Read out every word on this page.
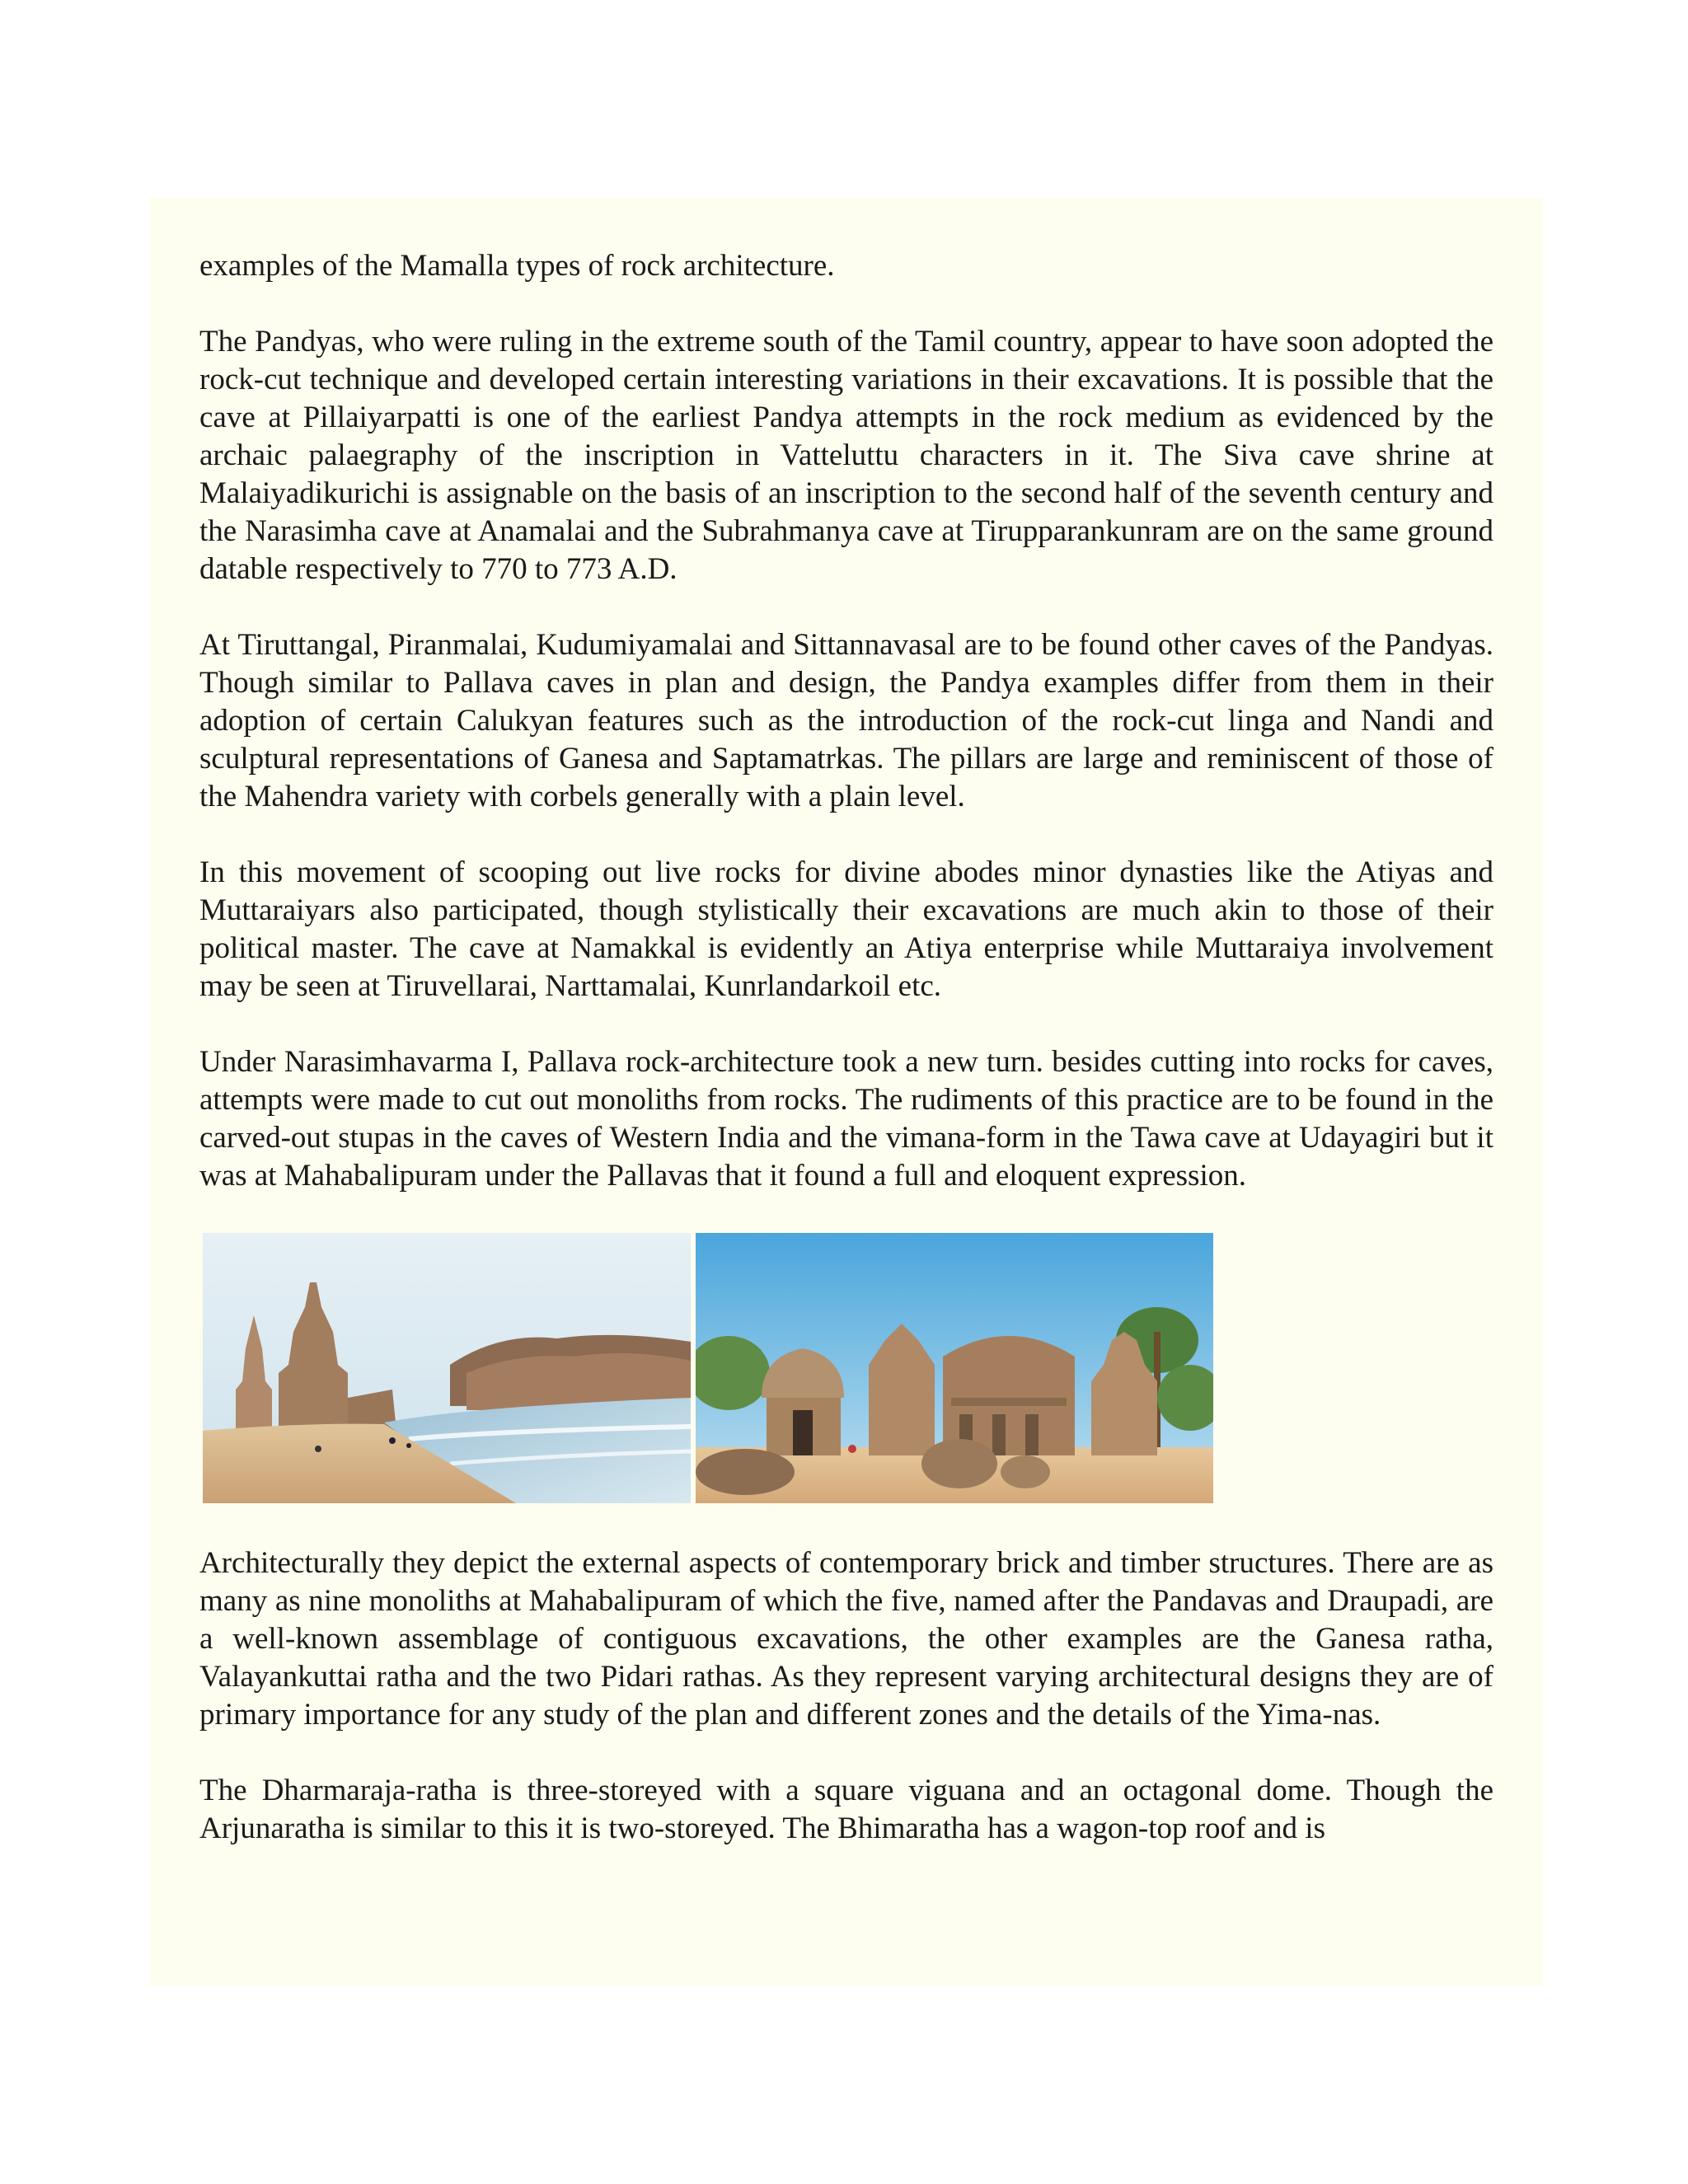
examples of the Mamalla types of rock architecture.

The Pandyas, who were ruling in the extreme south of the Tamil country, appear to have soon adopted the rock-cut technique and developed certain interesting variations in their excavations. It is possible that the cave at Pillaiyarpatti is one of the earliest Pandya attempts in the rock medium as evidenced by the archaic palaegraphy of the inscription in Vatteluttu characters in it. The Siva cave shrine at Malaiyadikurichi is assignable on the basis of an inscription to the second half of the seventh century and the Narasimha cave at Anamalai and the Subrahmanya cave at Tirupparankunram are on the same ground datable respectively to 770 to 773 A.D.

At Tiruttangal, Piranmalai, Kudumiyamalai and Sittannavasal are to be found other caves of the Pandyas. Though similar to Pallava caves in plan and design, the Pandya examples differ from them in their adoption of certain Calukyan features such as the introduction of the rock-cut linga and Nandi and sculptural representations of Ganesa and Saptamatrkas. The pillars are large and reminiscent of those of the Mahendra variety with corbels generally with a plain level.

In this movement of scooping out live rocks for divine abodes minor dynasties like the Atiyas and Muttaraiyars also participated, though stylistically their excavations are much akin to those of their political master. The cave at Namakkal is evidently an Atiya enterprise while Muttaraiya involvement may be seen at Tiruvellarai, Narttamalai, Kunrlandarkoil etc.

Under Narasimhavarma I, Pallava rock-architecture took a new turn. besides cutting into rocks for caves, attempts were made to cut out monoliths from rocks. The rudiments of this practice are to be found in the carved-out stupas in the caves of Western India and the vimana-form in the Tawa cave at Udayagiri but it was at Mahabalipuram under the Pallavas that it found a full and eloquent expression.

Architecturally they depict the external aspects of contemporary brick and timber structures. There are as many as nine monoliths at Mahabalipuram of which the five, named after the Pandavas and Draupadi, are a well-known assemblage of contiguous excavations, the other examples are the Ganesa ratha, Valayankuttai ratha and the two Pidari rathas. As they represent varying architectural designs they are of primary importance for any study of the plan and different zones and the details of the Yima-nas.

The Dharmaraja-ratha is three-storeyed with a square viguana and an octagonal dome. Though the Arjunaratha is similar to this it is two-storeyed. The Bhimaratha has a wagon-top roof and is
